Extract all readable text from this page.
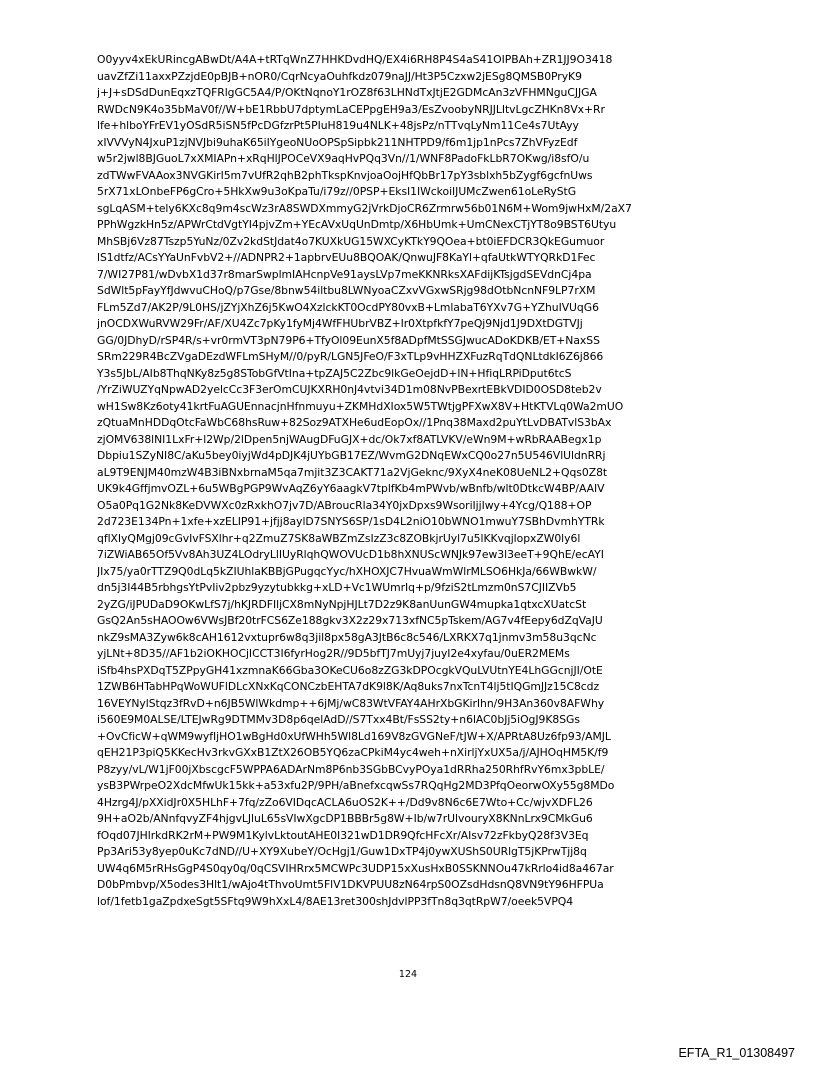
O0yyv4xEkURincgABwDt/A4A+tRTqWnZ7HHKDvdHQ/EX4i6RH8P4S4aS41OIPBAh+ZR1JJ9O3418
uavZfZi11axxPZzjdE0pBJB+nOR0/CqrNcyaOuhfkdz079naJJ/Ht3P5Czxw2jESg8QMSB0PryK9
j+J+sDSdDunEqxzTQFRlgGC5A4/P/OKtNqnoY1rOZ8f63LHNdTxJtjE2GDMcAn3zVFHMNguCJJGA
RWDcN9K4o35bMaV0f//W+bE1RbbU7dptymLaCEPpgEH9a3/EsZvoobyNRJJLItvLgcZHKn8Vx+Rr
lfe+hlboYFrEV1yOSdR5iSN5fPcDGfzrPt5PIuH819u4NLK+48jsPz/nTTvqLyNm11Ce4s7UtAyy
xIVVVyN4JxuP1zjNVJbi9uhaK65iIYgeoNUoOPSpSipbk211NHTPD9/f6m1jp1nPcs7ZhVFyzEdf
w5r2jwl8BJGuoL7xXMIAPn+xRqHlJPOCeVX9aqHvPQq3Vn//1/WNF8PadoFkLbR7OKwg/i8sfO/u
zdTWwFVAAox3NVGKirI5m7vUfR2qhB2phTkspKnvjoaOojHfQbBr17pY3sblxh5bZygf6gcfnUws
5rX71xLOnbeFP6gCro+5HkXw9u3oKpaTu/i79z//0PSP+EksI1IWckoiIJUMcZwen61oLeRyStG
sgLqASM+tely6KXc8q9m4scWz3rA8SWDXmmyG2jVrkDjoCR6Zrmrw56b01N6M+Wom9jwHxM/2aX7
PPhWgzkHn5z/APWrCtdVgtYI4pjvZm+YEcAVxUqUnDmtp/X6HbUmk+UmCNexCTjYT8o9BST6Utyu
MhSBj6Vz87Tszp5YuNz/0Zv2kdStJdat4o7KUXkUG15WXCyKTkY9QOea+bt0iEFDCR3QkEGumuor
lS1dtfz/ACsYYaUnFvbV2+//ADNPR2+1apbrvEUu8BQOAK/QnwuJF8KaYl+qfaUtkWTYQRkD1Fec
7/WI27P81/wDvbX1d37r8marSwplmIAHcnpVe91aysLVp7meKKNRksXAFdijKTsjgdSEVdnCj4pa
SdWlt5pFayYfJdwvuCHoQ/p7Gse/8bnw54iltbu8LWNyoaCZxvVGxwSRjg98dOtbNcnNF9LP7rXM
FLm5Zd7/AK2P/9L0HS/jZYjXhZ6j5KwO4XzlckKT0OcdPY80vxB+LmlabaT6YXv7G+YZhuIVUqG6
jnOCDXWuRVW29Fr/AF/XU4Zc7pKy1fyMj4WfFHUbrVBZ+Ir0XtpfkfY7peQj9Njd1J9DXtDGTVJj
GG/0JDhyD/rSP4R/s+vr0rmVT3pN79P6+TfyOl09EunX5f8ADpfMtSSGJwucADoKDKB/ET+NaxSS
SRm229R4BcZVgaDEzdWFLmSHyM//0/pyR/LGN5JFeO/F3xTLp9vHHZXFuzRqTdQNLtdkI6Z6j866
Y3s5JbL/AIb8ThqNKy8z5g8STobGfVtIna+tpZAJ5C2Zbc9lkGeOejdD+lN+HfiqLRPiDput6tcS
/YrZiWUZYqNpwAD2yelcCc3F3erOmCUJKXRH0nJ4vtvi34D1m08NvPBexrtEBkVDID0OSD8teb2v
wH1Sw8Kz6oty41krtFuAGUEnnacjnHfnmuyu+ZKMHdXIox5W5TWtjgPFXwX8V+HtKTVLq0Wa2mUO
zQtuaMnHDDqOtcFaWbC68hsRuw+82Soz9ATXHe6udEopOx//1Pnq38Maxd2puYtLvDBATvlS3bAx
zjOMV638lNI1LxFr+l2Wp/2lDpen5njWAugDFuGJX+dc/Ok7xf8ATLVKV/eWn9M+wRbRAABegx1p
Dbpiu1SZyNI8C/aKu5bey0iyjWd4pDJK4jUYbGB17EZ/WvmG2DNqEWxCQ0o27n5U546VlUldnRRj
aL9T9ENJM40mzW4B3iBNxbrnaM5qa7mjit3Z3CAKT71a2VjGeknc/9XyX4neK08UeNL2+Qqs0Z8t
UK9k4GffjmvOZL+6u5WBgPGP9WvAqZ6yY6aagkV7tplfKb4mPWvb/wBnfb/wlt0DtkcW4BP/AAIV
O5a0Pq1G2Nk8KeDVWXc0zRxkhO7jv7D/ABroucRla34Y0jxDpxs9WsoriIjjIwy+4Ycg/Q188+OP
2d723E134Pn+1xfe+xzELIP91+jfjj8aylD7SNYS6SP/1sD4L2niO10bWNO1mwuY7SBhDvmhYTRk
qflXIyQMgj09cGvIvFSXlhr+q2ZmuZ7SK8aWBZmZsIzZ3c8ZOBkjrUyl7u5lKKvqjlopxZW0ly6l
7iZWiAB65Of5Vv8Ah3UZ4LOdryLlIUyRlqhQWOVUcD1b8hXNUScWNJk97ew3l3eeT+9QhE/ecAYI
JIx75/ya0rTTZ9Q0dLq5kZIUhlaKBBjGPugqcYyc/hXHOXJC7HvuaWmWlrMLSO6HkJa/66WBwkW/
dn5j3I44B5rbhgsYtPvIiv2pbz9yzytubkkg+xLD+Vc1WUmrIq+p/9fziS2tLmzm0nS7CJIIZVb5
2yZG/iJPUDaD9OKwLfS7j/hKJRDFIljCX8mNyNpjHJLt7D2z9K8anUunGW4mupka1qtxcXUatcSt
GsQ2An5sHAOOw6VWsJBf20trFCS6Ze188gkv3X2z29x713xfNC5pTskem/AG7v4fEepy6dZqVaJU
nkZ9sMA3Zyw6k8cAH1612vxtupr6w8q3jil8px58gA3JtB6c8c546/LXRKX7q1jnmv3m58u3qcNc
yjLNt+8D35//AF1b2iOKHOCjICCT3I6fyrHog2R//9D5bfTJ7mUyj7juyI2e4xyfau/0uER2MEMs
iSfb4hsPXDqT5ZPpyGH41xzmnaK66Gba3OKeCU6o8zZG3kDPOcgkVQuLVUtnYE4LhGGcnjJI/OtE
1ZWB6HTabHPqWoWUFlDLcXNxKqCONCzbEHTA7dK9l8K/Aq8uks7nxTcnT4lj5tIQGmJJz15C8cdz
16VEYNylStqz3fRvD+n6JB5WlWkdmp++6jMj/wC83WtVFAY4AHrXbGKirIhn/9H3An360v8AFWhy
i560E9M0ALSE/LTEJwRg9DTMMv3D8p6qelAdD//S7Txx4Bt/FsSS2ty+n6lAC0bJj5iOgJ9K8SGs
+OvCficW+qWM9wyfIjHO1wBgHd0xUfWHh5Wl8Ld169V8zGVGNeF/tJW+X/APRtA8Uz6fp93/AMJL
qEH21P3piQ5KKecHv3rkvGXxB1ZtX26OB5YQ6zaCPkiM4yc4weh+nXirljYxUX5a/j/AJHOqHM5K/f9
P8zyy/vL/W1jF00jXbscgcF5WPPA6ADArNm8P6nb3SGbBCvyPOya1dRRha250RhfRvY6mx3pbLE/
ysB3PWrpeO2XdcMfwUk15kk+a53xfu2P/9PH/aBnefxcqwSs7RQqHg2MD3PfqOeorwOXy55g8MDo
4Hzrg4J/pXXidJr0X5HLhF+7fq/zZo6VIDqcACLA6uOS2K++/Dd9v8N6c6E7Wto+Cc/wjvXDFL26
9H+aO2b/ANnfqvyZF4hjgvLJluL65sVIwXgcDP1BBBr5g8W+Ib/w7rUlvouryX8KNnLrx9CMkGu6
fOqd07JHlrkdRK2rM+PW9M1KylvLktoutAHE0I321wD1DR9QfcHFcXr/AIsv72zFkbyQ28f3V3Eq
Pp3Ari53y8yep0uKc7dND//U+XY9XubeY/OcHgj1/Guw1DxTP4j0ywXUShS0URlgT5jKPrwTjj8q
UW4q6M5rRHsGgP4S0qy0q/0qCSVIHRrx5MCWPc3UDP15xXusHxB0SSKNNOu47kRrlo4id8a467ar
D0bPmbvp/X5odes3Hlt1/wAjo4tThvoUmt5FlV1DKVPUU8zN64rpS0OZsdHdsnQ8VN9tY96HFPUa
lof/1fetb1gaZpdxeSgt5SFtq9W9hXxL4/8AE13ret300shJdvlPP3fTn8q3qtRpW7/oeek5VPQ4
124
EFTA_R1_01308497
